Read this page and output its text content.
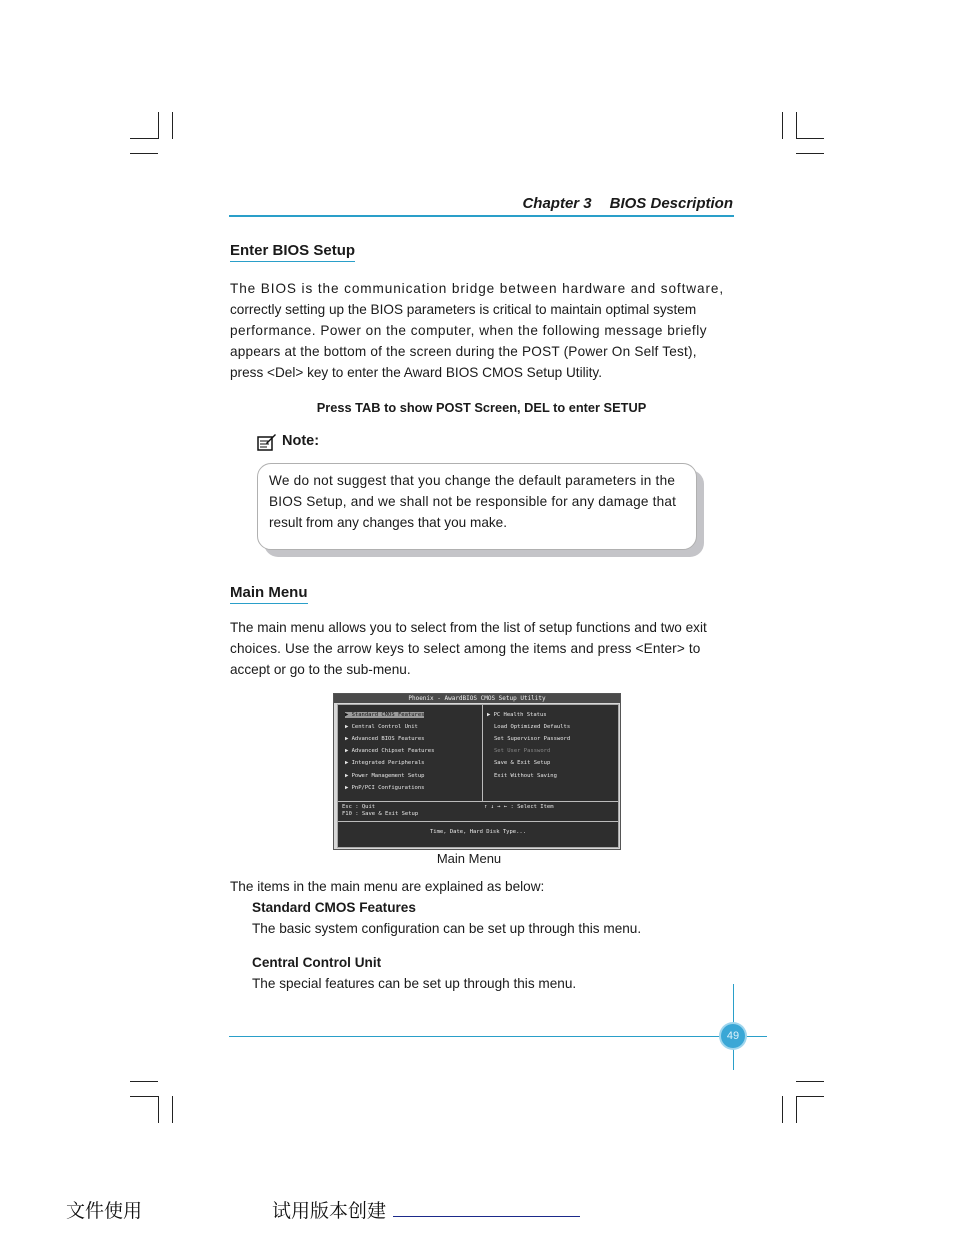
Chapter 3 BIOS Description
Enter BIOS Setup
The BIOS is the communication bridge between hardware and software,
correctly setting up the BIOS parameters is critical to maintain optimal system
performance. Power on the computer, when the following message briefly
appears at the bottom of the screen during the POST (Power On Self Test),
press <Del> key to enter the Award BIOS CMOS Setup Utility.
Press TAB to show POST Screen, DEL to enter SETUP
Note:
We do not suggest that you change the default parameters in the
BIOS Setup, and we shall not be responsible for any damage that
result from any changes that you make.
Main Menu
The main menu allows you to select from the list of setup functions and two exit
choices. Use the arrow keys to select among the items and press <Enter> to
accept or go to the sub-menu.
Phoenix - AwardBIOS CMOS Setup Utility
▶ Standard CMOS Features
▶ Central Control Unit
▶ Advanced BIOS Features
▶ Advanced Chipset Features
▶ Integrated Peripherals
▶ Power Management Setup
▶ PnP/PCI Configurations
▶ PC Health Status
Load Optimized Defaults
Set Supervisor Password
Set User Password
Save & Exit Setup
Exit Without Saving
Esc : Quit
F10 : Save & Exit Setup
↑ ↓ → ← : Select Item
Time, Date, Hard Disk Type...
Main Menu
The items in the main menu are explained as below:
Standard CMOS Features
The basic system configuration can be set up through this menu.
Central Control Unit
The special features can be set up through this menu.
49
文件使用	试用版本创建
